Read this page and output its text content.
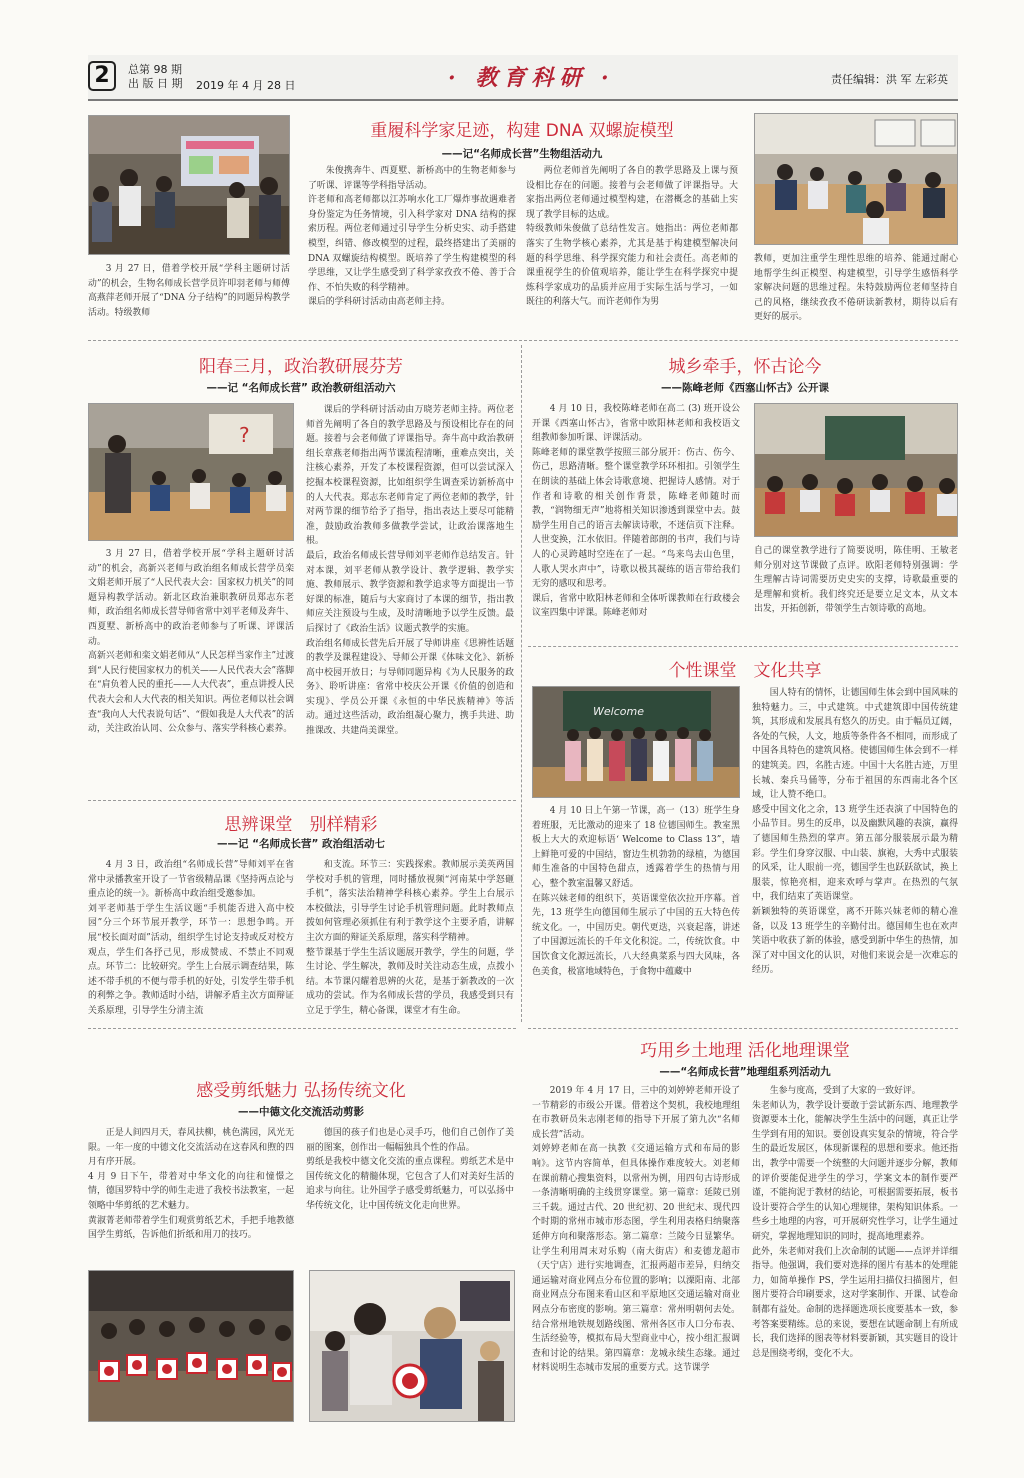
2	总第 98 期
出 版 日 期 2019 年 4 月 28 日	· 教育科研 ·	责任编辑：洪 军 左彩英

3 月 27 日，借着学校开展“学科主题研讨活动”的机会，生物名师成长营学员许叩羽老师与师傅高燕萍老师开展了“DNA 分子结构”的同题异构教学活动。特级教师

重履科学家足迹，构建 DNA 双螺旋模型
——记“名师成长营”生物组活动九
朱俊携奔牛、西夏墅、新桥高中的生物老师参与了听课、评课等学科指导活动。
许老师和高老师都以江苏响水化工厂爆炸事故遇难者身份鉴定为任务情境，引入科学家对 DNA 结构的探索历程。两位老师通过引导学生分析史实、动手搭建模型，纠错、修改模型的过程，最终搭建出了美丽的 DNA 双螺旋结构模型。既培养了学生构建模型的科学思维，又让学生感受到了科学家孜孜不倦、善于合作、不怕失败的科学精神。
课后的学科研讨活动由高老师主持。
两位老师首先阐明了各自的教学思路及上课与预设相比存在的问题。接着与会老师做了评课指导。大家指出两位老师通过模型构建，在潜概念的基础上实现了教学目标的达成。
特级教师朱俊做了总结性发言。她指出：两位老师都落实了生物学核心素养，尤其是基于构建模型解决问题的科学思维、科学探究能力和社会责任。高老师的课重视学生的价值观培养，能让学生在科学探究中提炼科学家成功的品质并应用于实际生活与学习，一如既往的利落大气。而许老师作为男
教师，更加注重学生理性思维的培养、能通过耐心地帮学生纠正模型、构建模型，引导学生感悟科学家解决问题的思维过程。朱特鼓励两位老师坚持自己的风格，继续孜孜不倦研读新教材，期待以后有更好的展示。
阳春三月，政治教研展芬芳
——记 “名师成长营” 政治教研组活动六
?
3 月 27 日，借着学校开展“学科主题研讨活动”的机会，高新兴老师与政治组名师成长营学员栾文娟老师开展了“人民代表大会：国家权力机关”的同题异构教学活动。新北区政治兼职教研员郑志东老师，政治组名师成长营导师省常中刘平老师及奔牛、西夏墅、新桥高中的政治老师参与了听课、评课活动。
高新兴老师和栾文娟老师从“人民怎样当家作主”过渡到“人民行使国家权力的机关——人民代表大会”落脚在“肩负着人民的重托——人大代表”，重点讲授人民代表大会和人大代表的相关知识。两位老师以社会调查“我向人大代表说句话”、“假如我是人大代表”的活动，关注政治认同、公众参与、落实学科核心素养。
课后的学科研讨活动由万晓芳老师主持。两位老师首先阐明了各自的教学思路及与预设相比存在的问题。接着与会老师做了评课指导。奔牛高中政治教研组长章燕老师指出两节课流程清晰，重难点突出，关注核心素养，开发了本校课程资源，但可以尝试深入挖掘本校课程资源，比如组织学生调查采访新桥高中的人大代表。郑志东老师肯定了两位老师的教学，针对两节课的细节给予了指导，指出表达上要尽可能精准，鼓励政治教师多做教学尝试，让政治课落地生根。
最后，政治名师成长营导师刘平老师作总结发言。针对本课，刘平老师从教学设计、教学逻辑、教学实施、教师展示、教学资源和教学追求等方面提出一节好课的标准，随后与大家商讨了本课的细节，指出教师应关注预设与生成，及时清晰地予以学生反馈。最后探讨了《政治生活》议题式教学的实施。
政治组名师成长营先后开展了导师讲座《思辨性话题的教学及课程建设》、导师公开课《体味文化》、新桥高中校园开放日；与导师同题异构《为人民服务的政务》、聆听讲座：省常中校庆公开课《价值的创造和实现》、学员公开课《永恒的中华民族精神》等活动。通过这些活动，政治组凝心聚力，携手共进、助推课改、共建尚美课堂。
思辨课堂　别样精彩
——记 “名师成长营” 政治组活动七
4 月 3 日，政治组“名师成长营”导师刘平在省常中录播教室开设了一节省级精品课《坚持两点论与重点论的统一》。新桥高中政治组受邀参加。
刘平老师基于学生生活议题“手机能否进入高中校园”分三个环节展开教学，环节一：思想争鸣。开展“校长面对面”活动，组织学生讨论支持或反对校方观点，学生们各抒己见，形成赞成、不禁止不同观点。环节二：比较研究。学生上台展示调查结果，陈述不带手机的不便与带手机的好处，引发学生带手机的利弊之争。教师适时小结，讲解矛盾主次方面辩证关系原理，引导学生分清主流
和支流。环节三：实践探索。教师展示美英两国学校对手机的管理，同时播放视频“河南某中学怒砸手机”，落实法治精神学科核心素养。学生上台展示本校做法，引导学生讨论手机管理问题。此时教师点拨如何管理必须抓住有利于教学这个主要矛盾，讲解主次方面的辩证关系原理，落实科学精神。
整节课基于学生生活议题展开教学，学生的问题，学生讨论、学生解决，教师及时关注动态生成，点拨小结。本节课闪耀着思辨的火花，是基于新教改的一次成功的尝试。作为名师成长营的学员，我感受到只有立足于学生，精心备课，课堂才有生命。
感受剪纸魅力 弘扬传统文化
——中德文化交流活动剪影
正是人间四月天，春风扶柳，桃色满园，风光无限。一年一度的中德文化交流活动在这春风和煦的四月有序开展。
4 月 9 日下午，带着对中华文化的向往和憧憬之情，德国罗特中学的师生走进了我校书法教室，一起领略中华剪纸的艺术魅力。
黄淑菁老师带着学生们观赏剪纸艺术，手把手地教德国学生剪纸，告诉他们折纸和用刀的技巧。
德国的孩子们也是心灵手巧，他们自己创作了美丽的图案，创作出一幅幅独具个性的作品。
剪纸是我校中德文化交流的重点课程。剪纸艺术是中国传统文化的精髓体现，它包含了人们对美好生活的追求与向往。让外国学子感受剪纸魅力，可以弘扬中华传统文化，让中国传统文化走向世界。
城乡牵手，怀古论今
——陈峰老师《西塞山怀古》公开课
4 月 10 日，我校陈峰老师在高二 (3) 班开设公开课《西塞山怀古》，省常中欧阳林老师和我校语文组教师参加听课、评课活动。
陈峰老师的课堂教学按照三部分展开：伤古、伤今、伤己，思路清晰。整个课堂教学环环相扣。引领学生在朗读的基础上体会诗歌意境、把握诗人感情。对于作者和诗歌的相关创作背景，陈峰老师随时而教，“润物细无声”地将相关知识渗透到课堂中去。鼓励学生用自己的语言去解读诗歌，不迷信页下注释。人世变换，江水依旧。伴随着郎朗的书声，我们与诗人的心灵跨越时空连在了一起。“鸟来鸟去山色里，人歌人哭水声中”，诗歌以极其凝练的语言带给我们无穷的感叹和思考。
课后，省常中欧阳林老师和全体听课教师在行政楼会议室四集中评课。陈峰老师对
自己的课堂教学进行了简要说明，陈佳明、王敏老师分别对这节课做了点评。欧阳老师特别强调：学生理解古诗词需要历史史实的支撑，诗歌最重要的是理解和赏析。我们终究还是要立足文本，从文本出发，开拓创新，带领学生古领诗歌的高地。
个性课堂　文化共享
Welcome
4 月 10 日上午第一节课，高一（13）班学生身着班服，无比激动的迎来了 18 位德国师生。教室黑板上大大的欢迎标语‘ Welcome to Class 13”，墙上鲜艳可爱的中国结，窗边生机勃勃的绿植，为德国师生准备的中国特色甜点，透露着学生的热情与用心，整个教室温馨又舒适。
在陈兴妹老师的组织下，英语课堂依次拉开序幕。首先，13 班学生向德国师生展示了中国的五大特色传统文化。一，中国历史。朝代更迭，兴衰起落，讲述了中国源远流长的千年文化积淀。二，传统饮食。中国饮食文化源远流长，八大经典菜系与四大风味，各色美食，极富地域特色，于食物中蕴藏中
国人特有的情怀，让德国师生体会到中国风味的独特魅力。三，中式建筑。中式建筑即中国传统建筑，其形成和发展具有悠久的历史。由于幅员辽阔，各处的气候，人文，地质等条件各不相同，而形成了中国各具特色的建筑风格。使德国师生体会到不一样的建筑美。四，名胜古迹。中国十大名胜古迹，万里长城、秦兵马俑等，分布于祖国的东西南北各个区域，让人赞不绝口。
感受中国文化之余，13 班学生还表演了中国特色的小品节目。男生的反串，以及幽默风趣的表演，赢得了德国师生热烈的掌声。第五部分服装展示最为精彩。学生们身穿汉服、中山装、旗袍，大秀中式服装的风采，让人眼前一亮，德国学生也跃跃欲试，换上服装，惊艳亮相，迎来欢呼与掌声。在热烈的气氛中，我们结束了英语课堂。
新颖独特的英语课堂，离不开陈兴妹老师的精心准备，以及 13 班学生的辛勤付出。德国师生也在欢声笑语中收获了新的体验，感受到新中华生的热情，加深了对中国文化的认识，对他们来说会是一次难忘的经历。
巧用乡土地理 活化地理课堂
——“名师成长营”地理组系列活动九
2019 年 4 月 17 日，三中的刘婷婷老师开设了一节精彩的市级公开课。借着这个契机，我校地理组在市教研员朱志刚老师的指导下开展了第九次“名师成长营”活动。
刘婷婷老师在高一执教《交通运输方式和布局的影响》。这节内容简单，但具体操作难度较大。刘老师在课前精心搜集资料，以常州为例，用四句古诗形成一条清晰明确的主线贯穿课堂。第一篇章：延陵已别三千载。通过古代、20 世纪初、20 世纪末、现代四个时期的常州市城市形态图，学生利用表格归纳聚落延伸方向和聚落形态。第二篇章：兰陵今日显繁华。让学生利用周末对乐购（南大街店）和麦德龙超市（天宁店）进行实地调查，汇报两超市差异，归纳交通运输对商业网点分布位置的影响；以溧阳南、北部商业网点分布图来看山区和平原地区交通运输对商业网点分布密度的影响。第三篇章：常州明朝何去处。结合常州地铁规划路线图、常州各区市人口分布表、生活经验等，模拟布局大型商业中心，按小组汇报调查和讨论的结果。第四篇章：龙城永续生态缘。通过材料说明生态城市发展的重要方式。这节课学
生参与度高，受到了大家的一致好评。
朱老师认为，教学设计要敢于尝试新东西、地理教学资源要本土化，能解决学生生活中的问题，真正让学生学到有用的知识。要创设真实复杂的情境，符合学生的最近发展区，体现新课程的思想和要求。他还指出，教学中需要一个统整的大问题并逐步分解，教师的评价要能促进学生的学习，学案文本的制作要严谨，不能拘泥于教材的结论，可根据需要拓展，板书设计要符合学生的认知心理规律，架构知识体系。一些乡土地理的内容，可开展研究性学习，让学生通过研究，掌握地理知识的同时，提高地理素养。
此外，朱老师对我们上次命制的试题——点评并详细指导。他强调，我们要对选择的图片有基本的处理能力，如简单操作 PS，学生运用扫描仪扫描图片，但图片要符合印刷要求，这对学案制作、开课、试卷命制都有益处。命制的选择题选项长度要基本一致，参考答案要精练。总的来说，要想在试题命制上有所成长，我们选择的图表等材料要新颖，其实题目的设计总是围绕考纲，变化不大。
